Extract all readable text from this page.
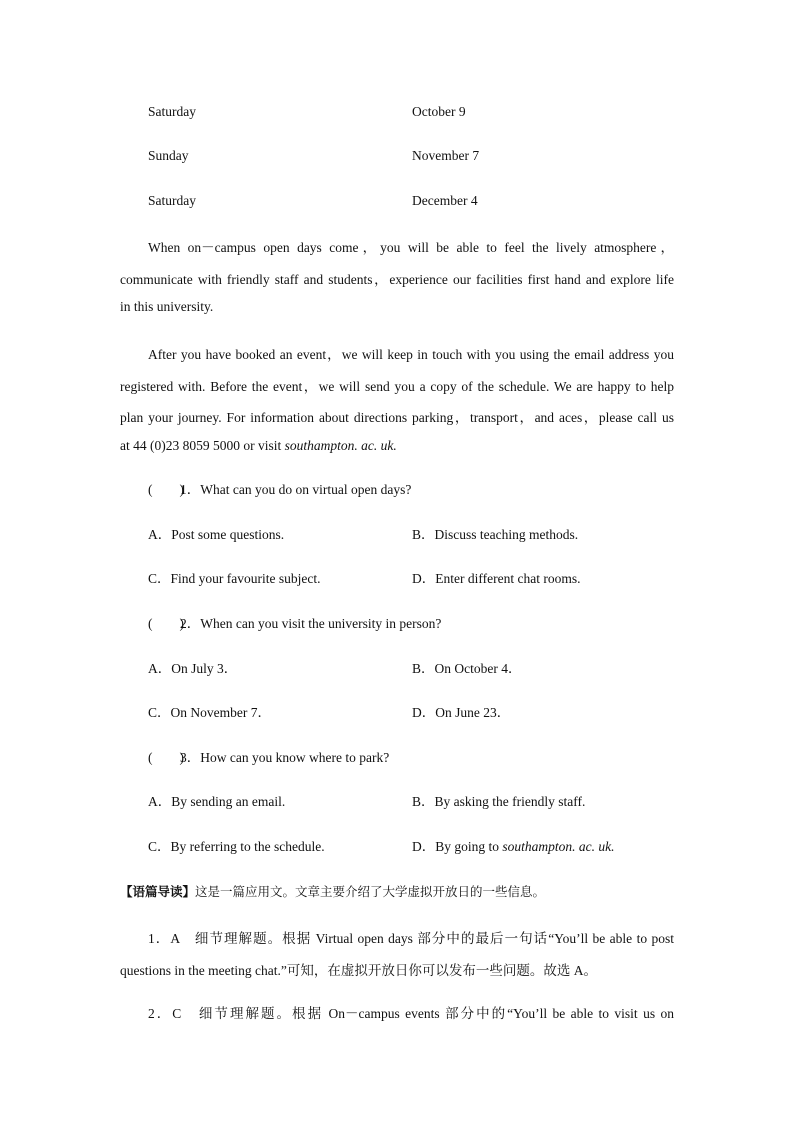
Saturday	October 9
Sunday	November 7
Saturday	December 4
When on－campus open days come，you will be able to feel the lively atmosphere，
communicate with friendly staff and students，experience our facilities first hand and explore life
in this university.
After you have booked an event，we will keep in touch with you using the email address you
registered with. Before the event，we will send you a copy of the schedule. We are happy to help
plan your journey. For information about directions parking，transport，and aces，please call us
at 44 (0)23 8059 5000 or visit southampton. ac. uk.
(　　)1．What can you do on virtual open days?
A．Post some questions.	B．Discuss teaching methods.
C．Find your favourite subject.	D．Enter different chat rooms.
(　　)2．When can you visit the university in person?
A．On July 3．	B．On October 4．
C．On November 7．	D．On June 23．
(　　)3．How can you know where to park?
A．By sending an email.	B．By asking the friendly staff.
C．By referring to the schedule.	D．By going to southampton. ac. uk.
【语篇导读】这是一篇应用文。文章主要介绍了大学虚拟开放日的一些信息。
1．A　细节理解题。根据 Virtual open days 部分中的最后一句话“You’ll be able to post
questions in the meeting chat.”可知，在虚拟开放日你可以发布一些问题。故选 A。
2．C　细节理解题。根据 On－campus events 部分中的“You’ll be able to visit us on
